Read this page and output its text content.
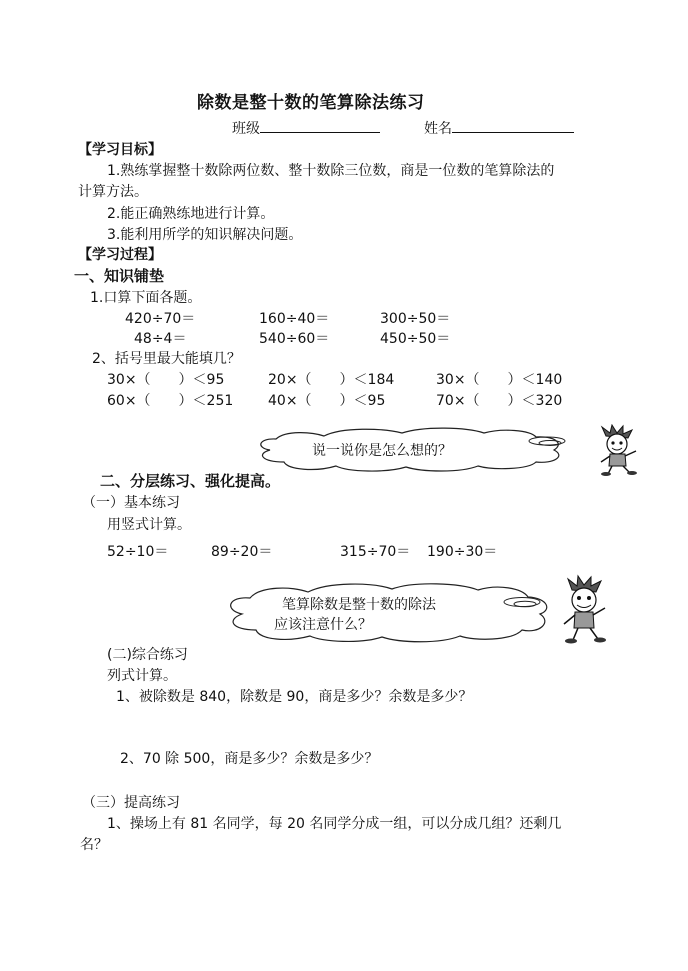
除数是整十数的笔算除法练习
班级	姓名
【学习目标】
1.熟练掌握整十数除两位数、整十数除三位数，商是一位数的笔算除法的
计算方法。
2.能正确熟练地进行计算。
3.能利用所学的知识解决问题。
【学习过程】
一、知识铺垫
1.口算下面各题。
420÷70＝	160÷40＝	300÷50＝
48÷4＝	540÷60＝	450÷50＝
2、括号里最大能填几？
30×（　　）＜95	20×（　　）＜184	30×（　　）＜140
60×（　　）＜251 40×（　　）＜95	70×（　　）＜320
说一说你是怎么想的？
二、分层练习、强化提高。
（一）基本练习
用竖式计算。
52÷10＝	89÷20＝	315÷70＝ 190÷30＝
笔算除数是整十数的除法
应该注意什么？
(二)综合练习
列式计算。
1、被除数是 840，除数是 90，商是多少？余数是多少？
2、70 除 500，商是多少？余数是多少？
（三）提高练习
1、操场上有 81 名同学，每 20 名同学分成一组，可以分成几组？还剩几
名？
